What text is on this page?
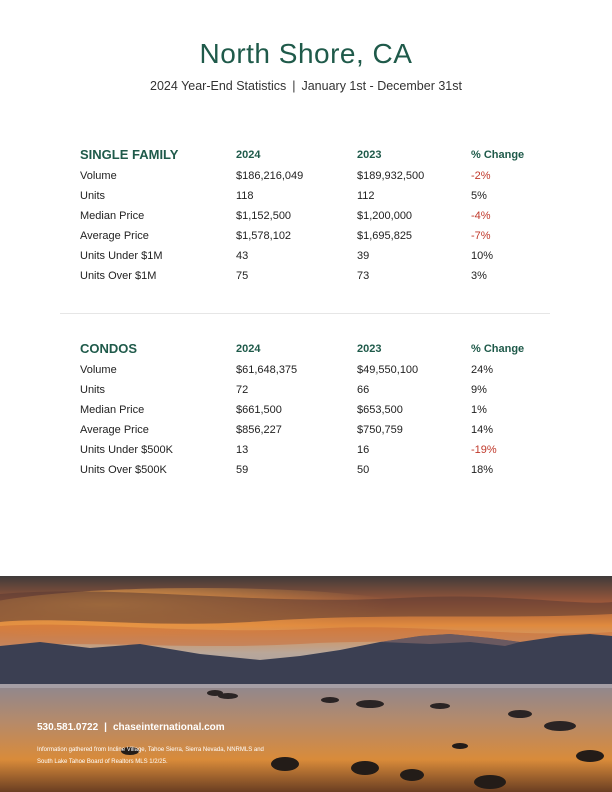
North Shore, CA
2024 Year-End Statistics | January 1st - December 31st
SINGLE FAMILY	2024	2023	% Change
Volume	$186,216,049	$189,932,500	-2%
Units	118	112	5%
Median Price	$1,152,500	$1,200,000	-4%
Average Price	$1,578,102	$1,695,825	-7%
Units Under $1M	43	39	10%
Units Over $1M	75	73	3%
CONDOS	2024	2023	% Change
Volume	$61,648,375	$49,550,100	24%
Units	72	66	9%
Median Price	$661,500	$653,500	1%
Average Price	$856,227	$750,759	14%
Units Under $500K	13	16	-19%
Units Over $500K	59	50	18%
530.581.0722 | chaseinternational.com
Information gathered from Incline Village, Tahoe Sierra, Sierra Nevada, NNRMLS and South Lake Tahoe Board of Realtors MLS 1/2/25.
